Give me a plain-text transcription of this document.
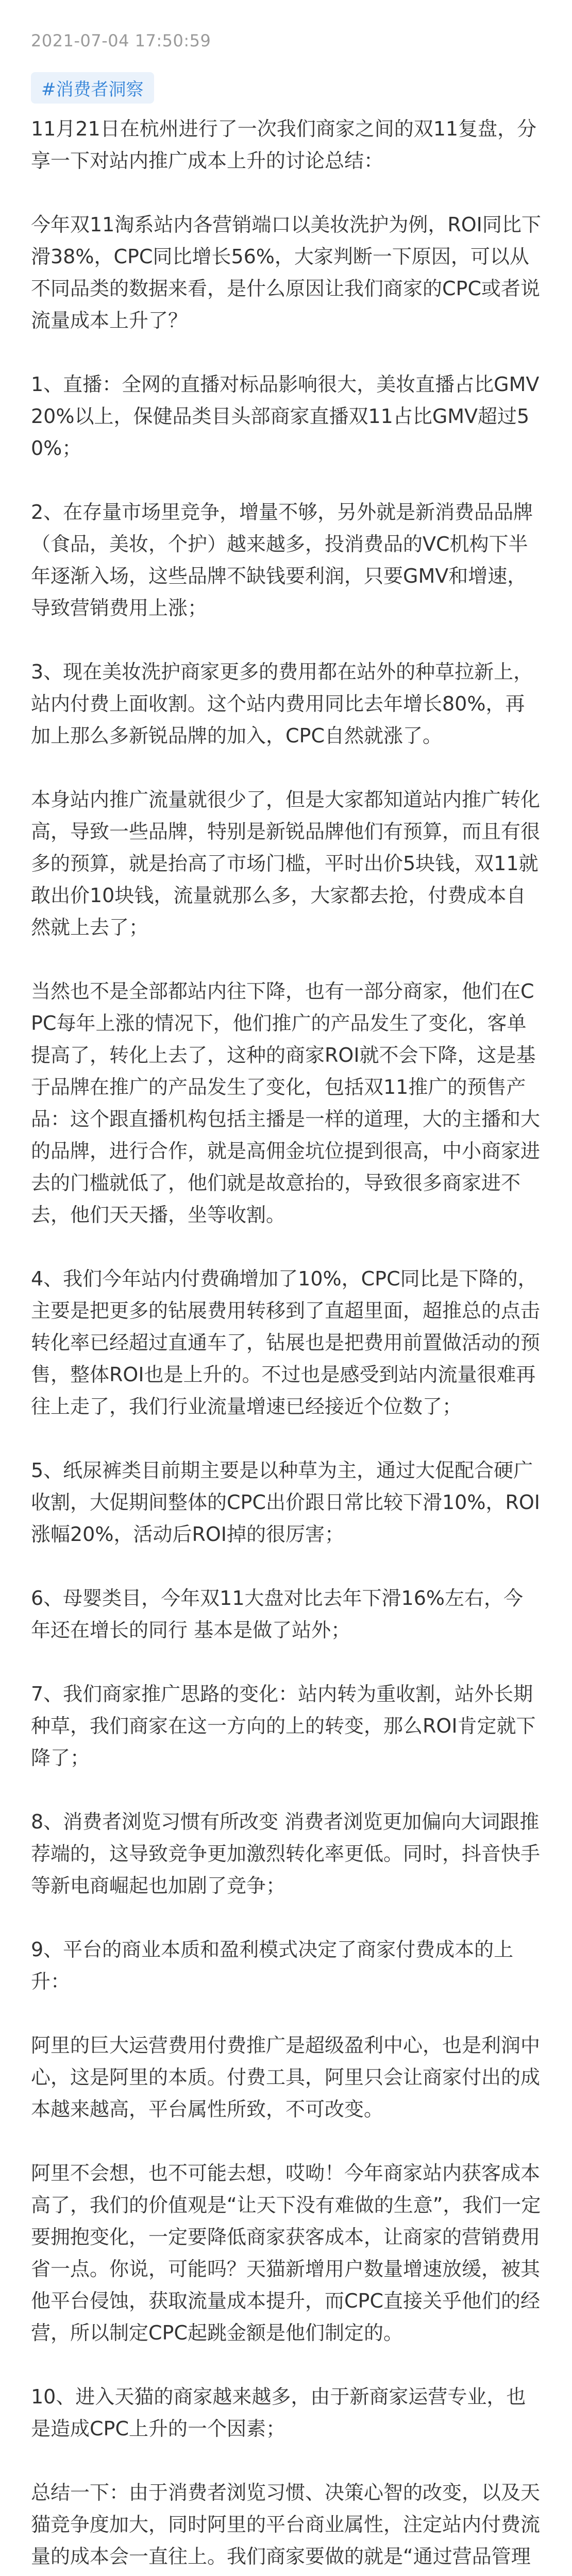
2021-07-04 17:50:59
#消费者洞察

11月21日在杭州进行了一次我们商家之间的双11复盘，分享一下对站内推广成本上升的讨论总结：

今年双11淘系站内各营销端口以美妆洗护为例，ROI同比下滑38%，CPC同比增长56%，大家判断一下原因，可以从不同品类的数据来看，是什么原因让我们商家的CPC或者说流量成本上升了？

1、直播：全网的直播对标品影响很大，美妆直播占比GMV20%以上，保健品类目头部商家直播双11占比GMV超过50%；

2、在存量市场里竞争，增量不够，另外就是新消费品品牌（食品，美妆，个护）越来越多，投消费品的VC机构下半年逐渐入场，这些品牌不缺钱要利润，只要GMV和增速，导致营销费用上涨；

3、现在美妆洗护商家更多的费用都在站外的种草拉新上，站内付费上面收割。这个站内费用同比去年增长80%，再加上那么多新锐品牌的加入，CPC自然就涨了。

本身站内推广流量就很少了，但是大家都知道站内推广转化高，导致一些品牌，特别是新锐品牌他们有预算，而且有很多的预算，就是抬高了市场门槛，平时出价5块钱，双11就敢出价10块钱，流量就那么多，大家都去抢，付费成本自然就上去了；

当然也不是全部都站内往下降，也有一部分商家，他们在CPC每年上涨的情况下，他们推广的产品发生了变化，客单提高了，转化上去了，这种的商家ROI就不会下降，这是基于品牌在推广的产品发生了变化，包括双11推广的预售产品：这个跟直播机构包括主播是一样的道理，大的主播和大的品牌，进行合作，就是高佣金坑位提到很高，中小商家进去的门槛就低了，他们就是故意抬的，导致很多商家进不去，他们天天播，坐等收割。

4、我们今年站内付费确增加了10%，CPC同比是下降的，主要是把更多的钻展费用转移到了直超里面，超推总的点击转化率已经超过直通车了，钻展也是把费用前置做活动的预售，整体ROI也是上升的。不过也是感受到站内流量很难再往上走了，我们行业流量增速已经接近个位数了；

5、纸尿裤类目前期主要是以种草为主，通过大促配合硬广收割，大促期间整体的CPC出价跟日常比较下滑10%，ROI涨幅20%，活动后ROI掉的很厉害；

6、母婴类目，今年双11大盘对比去年下滑16%左右，今年还在增长的同行 基本是做了站外；

7、我们商家推广思路的变化：站内转为重收割，站外长期种草，我们商家在这一方向的上的转变，那么ROI肯定就下降了；

8、消费者浏览习惯有所改变 消费者浏览更加偏向大词跟推荐端的，这导致竞争更加激烈转化率更低。同时，抖音快手等新电商崛起也加剧了竞争；

9、平台的商业本质和盈利模式决定了商家付费成本的上升：

阿里的巨大运营费用付费推广是超级盈利中心，也是利润中心，这是阿里的本质。付费工具，阿里只会让商家付出的成本越来越高，平台属性所致，不可改变。

阿里不会想，也不可能去想，哎呦！今年商家站内获客成本高了，我们的价值观是“让天下没有难做的生意”，我们一定要拥抱变化，一定要降低商家获客成本，让商家的营销费用省一点。你说，可能吗？天猫新增用户数量增速放缓，被其他平台侵蚀，获取流量成本提升，而CPC直接关乎他们的经营，所以制定CPC起跳金额是他们制定的。

10、进入天猫的商家越来越多，由于新商家运营专业，也是造成CPC上升的一个因素；

总结一下：由于消费者浏览习惯、决策心智的改变，以及天猫竞争度加大，同时阿里的平台商业属性，注定站内付费流量的成本会一直往上。我们商家要做的就是“通过营品管理
